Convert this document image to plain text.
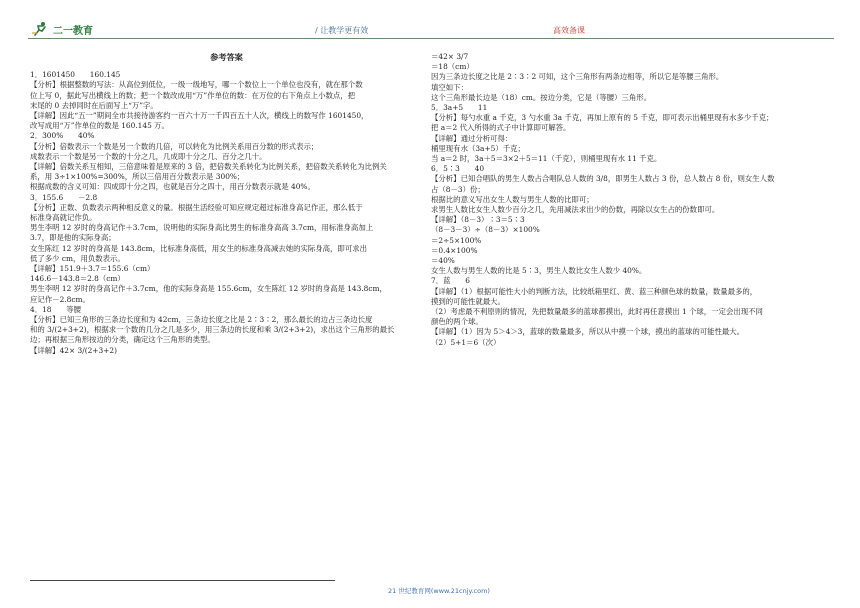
二一教育	/ 让教学更有效	高效备课
参考答案
1．1601450　　160.145
【分析】根据整数的写法：从高位到低位，一级一级地写，哪一个数位上一个单位也没有，就在那个数
位上写 0，据此写出横线上的数；把一个数改成用“万”作单位的数：在万位的右下角点上小数点，把
末尾的 0 去掉同时在后面写上“万”字。
【详解】因此“五一”期间全市共接待游客约一百六十万一千四百五十人次，横线上的数写作 1601450，
改写成用“万”作单位的数是 160.145 万。
2．300%　　40%
【分析】倍数表示一个数是另一个数的几倍，可以转化为比例关系用百分数的形式表示；
成数表示一个数是另一个数的十分之几，几成即十分之几、百分之几十。
【详解】倍数关系互相知，三倍意味着是原来的 3 倍，把倍数关系转化为比例关系，把倍数关系转化为比例关
系，用 3÷1×100%=300%，所以三倍用百分数表示是 300%；
根据成数的含义可知：四成即十分之四，也就是百分之四十，用百分数表示就是 40%。
3．155.6　　－2.8
【分析】正数、负数表示两种相反意义的量。根据生活经验可知应规定超过标准身高记作正，那么低于
标准身高就记作负。
男生李明 12 岁时的身高记作＋3.7cm，说明他的实际身高比男生的标准身高高 3.7cm，用标准身高加上
3.7，即是他的实际身高；
女生陈红 12 岁时的身高是 143.8cm，比标准身高低，用女生的标准身高减去她的实际身高，即可求出
低了多少 cm，用负数表示。
【详解】151.9＋3.7＝155.6（cm）
146.6－143.8＝2.8（cm）
男生李明 12 岁时的身高记作＋3.7cm，他的实际身高是 155.6cm，女生陈红 12 岁时的身高是 143.8cm，
应记作－2.8cm。
4．18　　等腰
【分析】已知三角形的三条边长度和为 42cm，三条边长度之比是 2∶3∶2，那么最长的边占三条边长度
和的 3/(2+3+2)，根据求一个数的几分之几是多少，用三条边的长度和乘 3/(2+3+2)，求出这个三角形的最长
边；再根据三角形按边的分类，确定这个三角形的类型。
【详解】42× 3/(2+3+2)
＝42× 3/7
＝18（cm）
因为三条边长度之比是 2∶3∶2 可知，这个三角形有两条边相等，所以它是等腰三角形。
填空如下：
这个三角形最长边是（18）cm。按边分类，它是（等腰）三角形。
5．3a+5　　11
【分析】每勺水重 a 千克，3 勺水重 3a 千克，再加上原有的 5 千克，即可表示出桶里现有水多少千克；
把 a＝2 代入所得的式子中计算即可解答。
【详解】通过分析可得：
桶里现有水（3a+5）千克；
当 a＝2 时，3a＋5＝3×2＋5＝11（千克），则桶里现有水 11 千克。
6．5∶3　　40
【分析】已知合唱队的男生人数占合唱队总人数的 3/8，即男生人数占 3 份，总人数占 8 份，则女生人数
占（8－3）份；
根据比的意义写出女生人数与男生人数的比即可；
求男生人数比女生人数少百分之几，先用减法求出少的份数，再除以女生占的份数即可。
【详解】（8－3）∶3＝5∶3
（8－3－3）÷（8－3）×100%
＝2÷5×100%
＝0.4×100%
＝40%
女生人数与男生人数的比是 5∶3，男生人数比女生人数少 40%。
7．蓝　　6
【详解】（1）根据可能性大小的判断方法，比较纸箱里红、黄、蓝三种颜色球的数量，数量最多的，
摸到的可能性就最大。
（2）考虑最不利原则的情况，先把数量最多的蓝球都摸出，此时再任意摸出 1 个球，一定会出现不同
颜色的两个球。
【详解】（1）因为 5＞4＞3，蓝球的数量最多，所以从中摸一个球，摸出的蓝球的可能性最大。
（2）5+1＝6（次）
21 世纪教育网(www.21cnjy.com)
